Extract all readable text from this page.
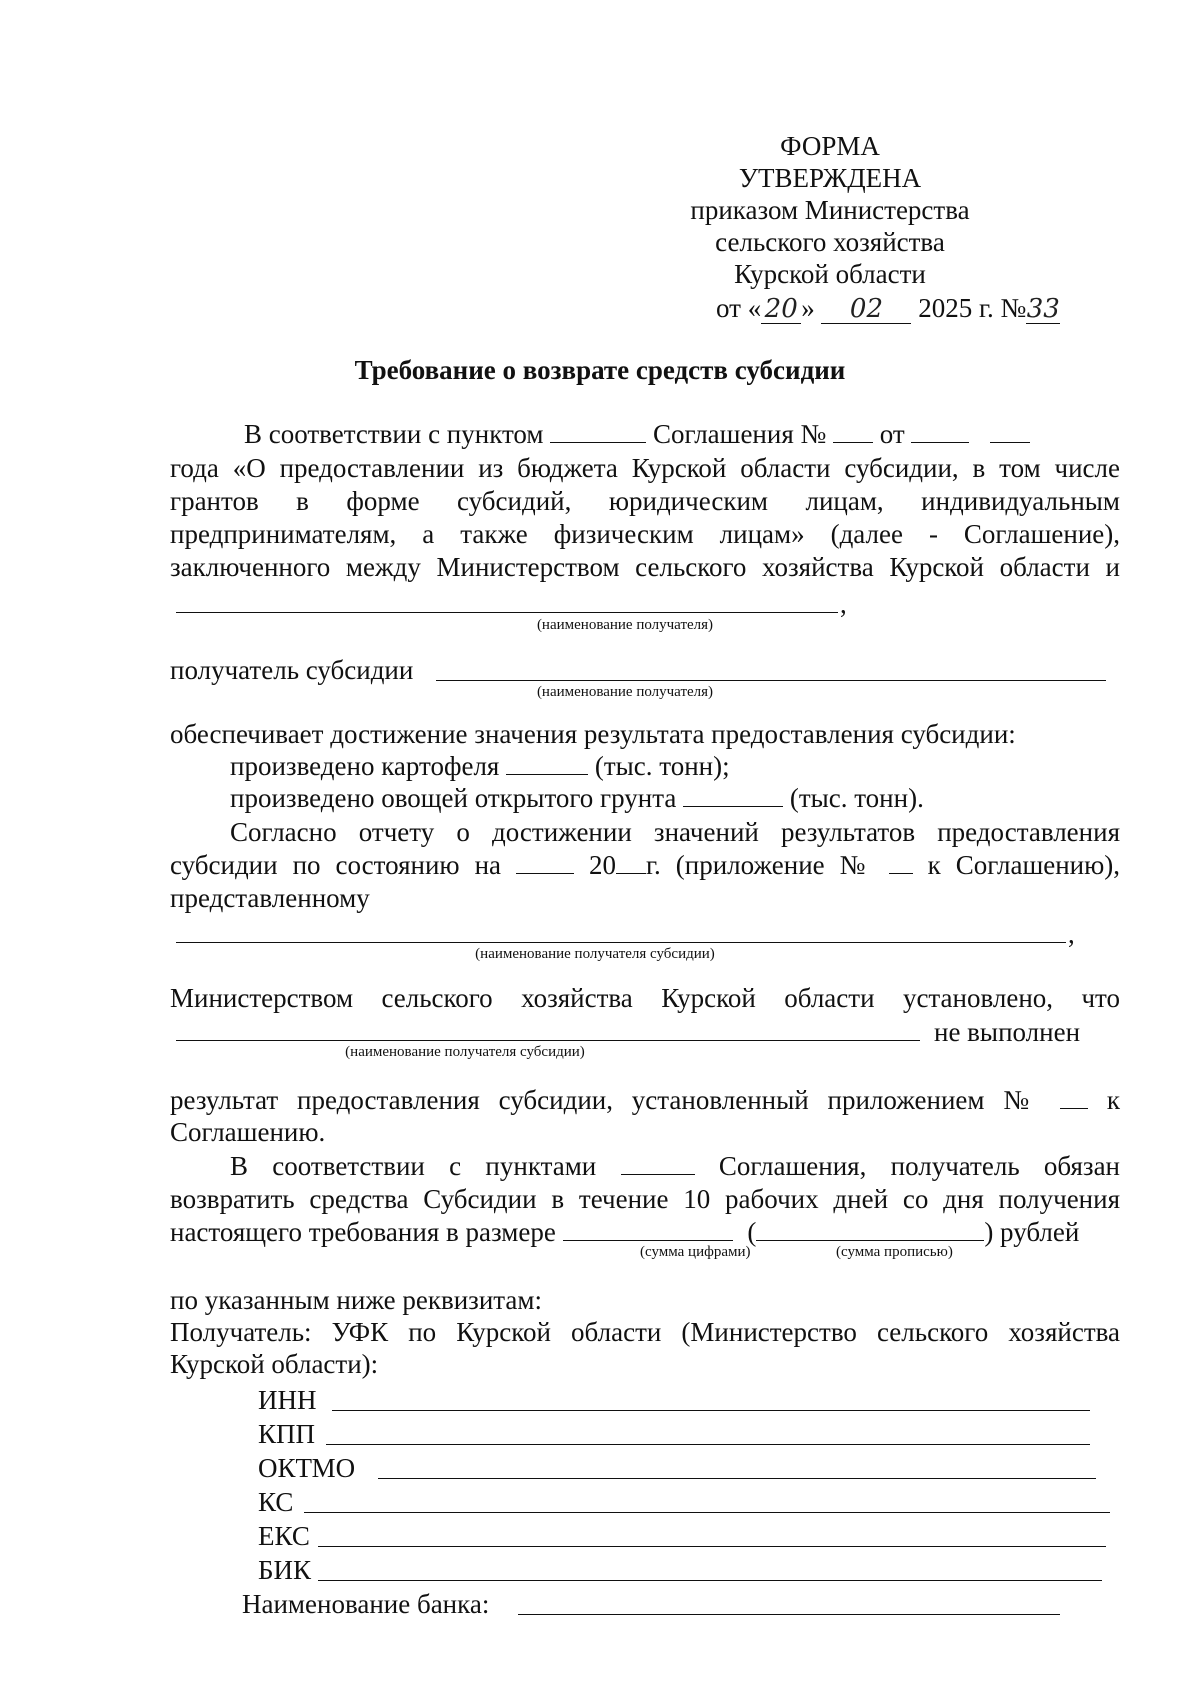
ФОРМА
УТВЕРЖДЕНА
приказом Министерства
сельского хозяйства
Курской области
от « 20 » 02 2025 г. №33
Требование о возврате средств субсидии
В соответствии с пунктом	Соглашения № от
года «О предоставлении из бюджета Курской области субсидии, в том числе
грантов в форме субсидий, юридическим лицам, индивидуальным
предпринимателям, а также физическим лицам» (далее - Соглашение),
заключенного между Министерством сельского хозяйства Курской области и
,
(наименование получателя)
получатель субсидии
(наименование получателя)
обеспечивает достижение значения результата предоставления субсидии:
произведено картофеля	(тыс. тонн);
произведено овощей открытого грунта	(тыс. тонн).
Согласно отчету о достижении значений результатов предоставления
субсидии по состоянию на	20 г. (приложение № к Соглашению),
представленному
,
(наименование получателя субсидии)
Министерством сельского хозяйства Курской области установлено, что
не выполнен
(наименование получателя субсидии)
результат предоставления субсидии, установленный приложением № к
Соглашению.
В соответствии с пунктами	Соглашения, получатель обязан
возвратить средства Субсидии в течение 10 рабочих дней со дня получения
настоящего требования в размере	(	) рублей
(сумма цифрами)	(сумма прописью)
по указанным ниже реквизитам:
Получатель: УФК по Курской области (Министерство сельского хозяйства
Курской области):
ИНН
КПП
ОКТМО
КС
ЕКС
БИК
Наименование банка:
